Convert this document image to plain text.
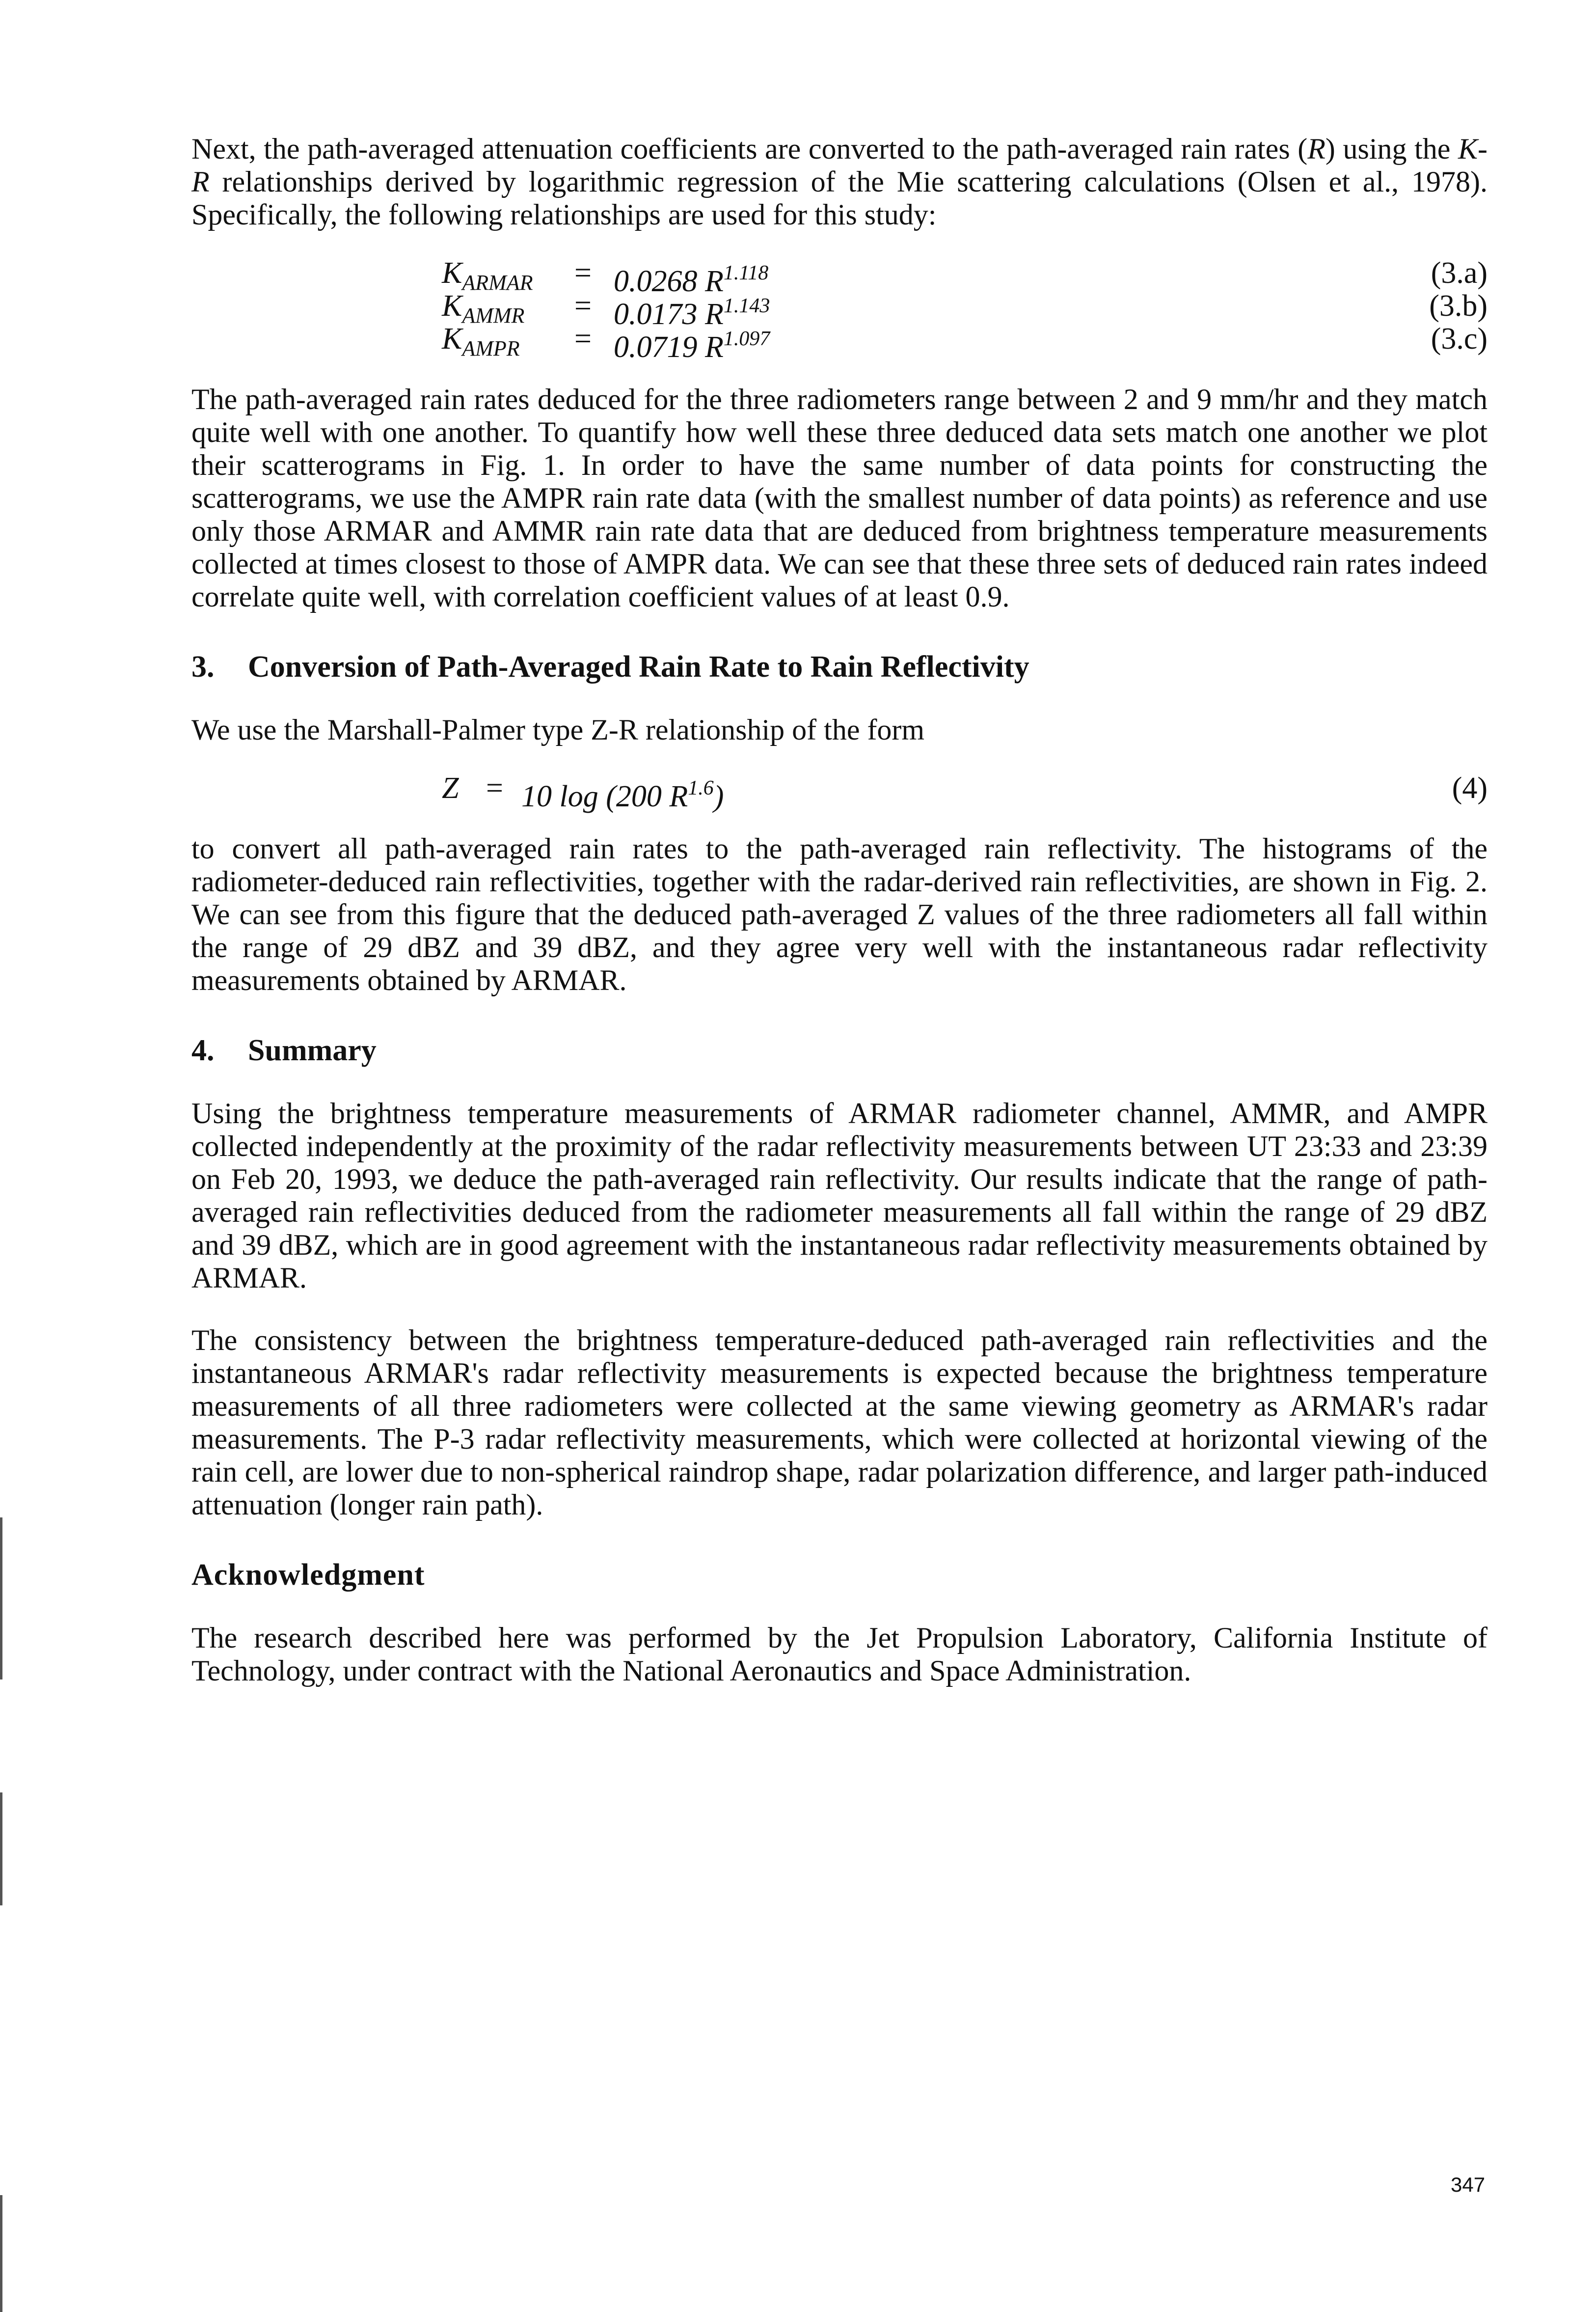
Next, the path-averaged attenuation coefficients are converted to the path-averaged rain rates (R) using the K-R relationships derived by logarithmic regression of the Mie scattering calculations (Olsen et al., 1978). Specifically, the following relationships are used for this study:

$K_{ARMAR} = 0.0268$ $R^{1.118}$	(3.a)
$K_{AMMR} = 0.0173$ $R^{1.143}$	(3.b)
$K_{AMPR} = 0.0719$ $R^{1.097}$	(3.c)

The path-averaged rain rates deduced for the three radiometers range between 2 and 9 mm/hr and they match quite well with one another. To quantify how well these three deduced data sets match one another we plot their scatterograms in Fig. 1. In order to have the same number of data points for constructing the scatterograms, we use the AMPR rain rate data (with the smallest number of data points) as reference and use only those ARMAR and AMMR rain rate data that are deduced from brightness temperature measurements collected at times closest to those of AMPR data. We can see that these three sets of deduced rain rates indeed correlate quite well, with correlation coefficient values of at least 0.9.

3. Conversion of Path-Averaged Rain Rate to Rain Reflectivity

We use the Marshall-Palmer type Z-R relationship of the form

Z = 10 log (200 $R^{1.6}$)	(4)

to convert all path-averaged rain rates to the path-averaged rain reflectivity. The histograms of the radiometer-deduced rain reflectivities, together with the radar-derived rain reflectivities, are shown in Fig. 2. We can see from this figure that the deduced path-averaged Z values of the three radiometers all fall within the range of 29 dBZ and 39 dBZ, and they agree very well with the instantaneous radar reflectivity measurements obtained by ARMAR.

4. Summary

Using the brightness temperature measurements of ARMAR radiometer channel, AMMR, and AMPR collected independently at the proximity of the radar reflectivity measurements between UT 23:33 and 23:39 on Feb 20, 1993, we deduce the path-averaged rain reflectivity. Our results indicate that the range of path-averaged rain reflectivities deduced from the radiometer measurements all fall within the range of 29 dBZ and 39 dBZ, which are in good agreement with the instantaneous radar reflectivity measurements obtained by ARMAR.

The consistency between the brightness temperature-deduced path-averaged rain reflectivities and the instantaneous ARMAR's radar reflectivity measurements is expected because the brightness temperature measurements of all three radiometers were collected at the same viewing geometry as ARMAR's radar measurements. The P-3 radar reflectivity measurements, which were collected at horizontal viewing of the rain cell, are lower due to non-spherical raindrop shape, radar polarization difference, and larger path-induced attenuation (longer rain path).

Acknowledgment

The research described here was performed by the Jet Propulsion Laboratory, California Institute of Technology, under contract with the National Aeronautics and Space Administration.

347
